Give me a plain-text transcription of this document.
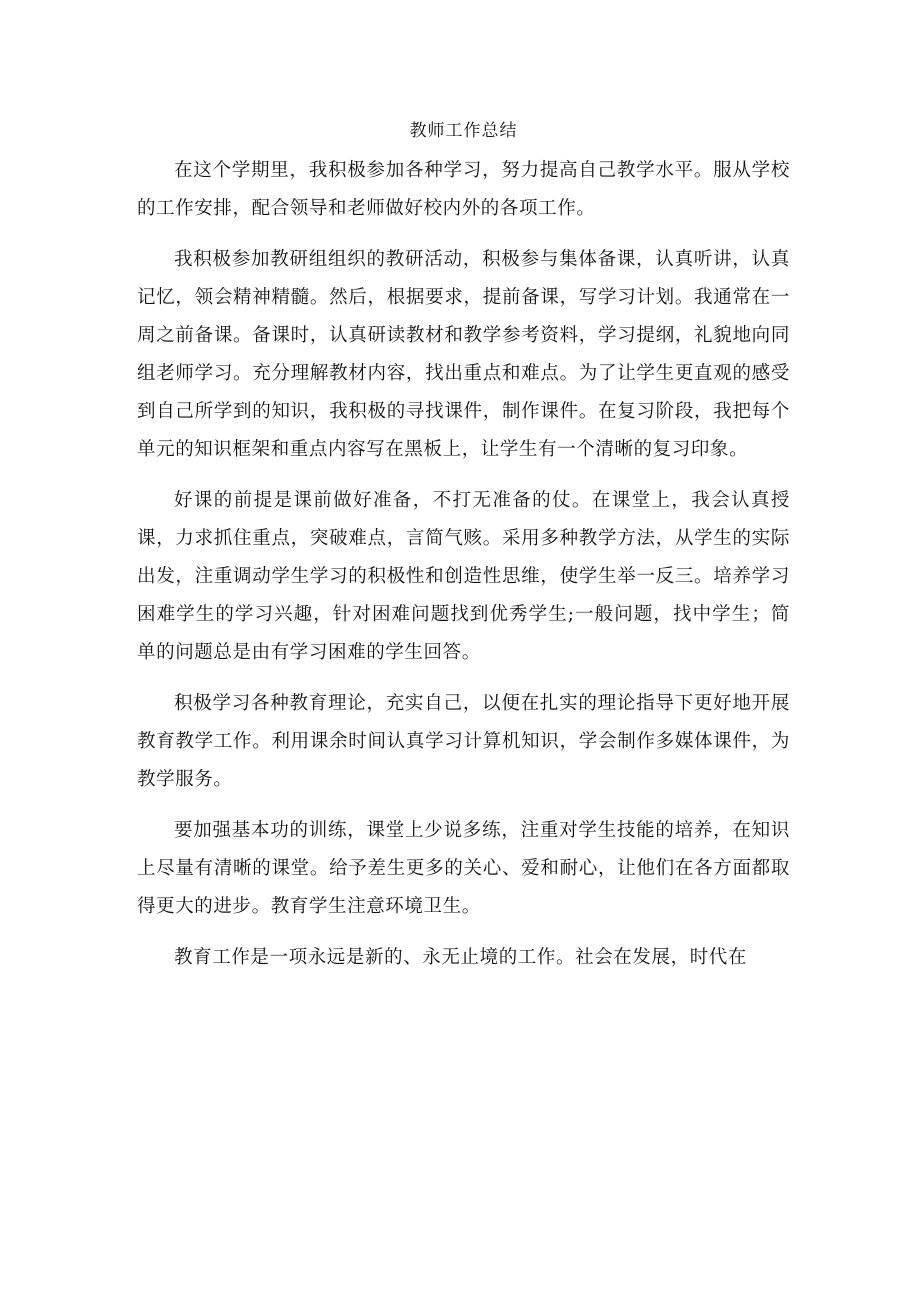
教师工作总结

在这个学期里，我积极参加各种学习，努力提高自己教学水平。服从学校的工作安排，配合领导和老师做好校内外的各项工作。

我积极参加教研组组织的教研活动，积极参与集体备课，认真听讲，认真记忆，领会精神精髓。然后，根据要求，提前备课，写学习计划。我通常在一周之前备课。备课时，认真研读教材和教学参考资料，学习提纲，礼貌地向同组老师学习。充分理解教材内容，找出重点和难点。为了让学生更直观的感受到自己所学到的知识，我积极的寻找课件，制作课件。在复习阶段，我把每个单元的知识框架和重点内容写在黑板上，让学生有一个清晰的复习印象。

好课的前提是课前做好准备，不打无准备的仗。在课堂上，我会认真授课，力求抓住重点，突破难点，言简气赅。采用多种教学方法，从学生的实际出发，注重调动学生学习的积极性和创造性思维，使学生举一反三。培养学习困难学生的学习兴趣，针对困难问题找到优秀学生;一般问题，找中学生；简单的问题总是由有学习困难的学生回答。

积极学习各种教育理论，充实自己，以便在扎实的理论指导下更好地开展教育教学工作。利用课余时间认真学习计算机知识，学会制作多媒体课件，为教学服务。

要加强基本功的训练，课堂上少说多练，注重对学生技能的培养，在知识上尽量有清晰的课堂。给予差生更多的关心、爱和耐心，让他们在各方面都取得更大的进步。教育学生注意环境卫生。

教育工作是一项永远是新的、永无止境的工作。社会在发展，时代在
